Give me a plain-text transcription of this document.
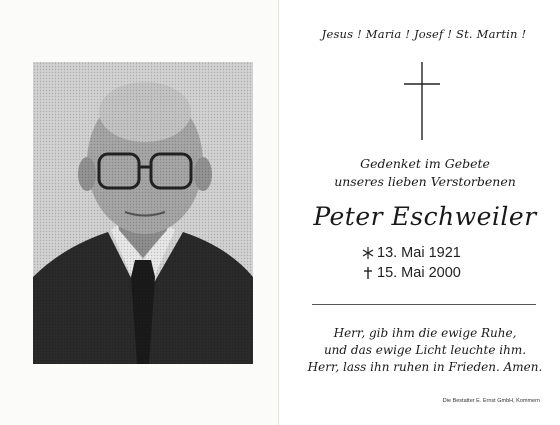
Jesus ! Maria ! Josef ! St. Martin !
Gedenket im Gebete
unseres lieben Verstorbenen
Peter Eschweiler
13. Mai 1921
15. Mai 2000
Herr, gib ihm die ewige Ruhe,
und das ewige Licht leuchte ihm.
Herr, lass ihn ruhen in Frieden. Amen.
Die Bestatter E. Ernst GmbH, Kommern
